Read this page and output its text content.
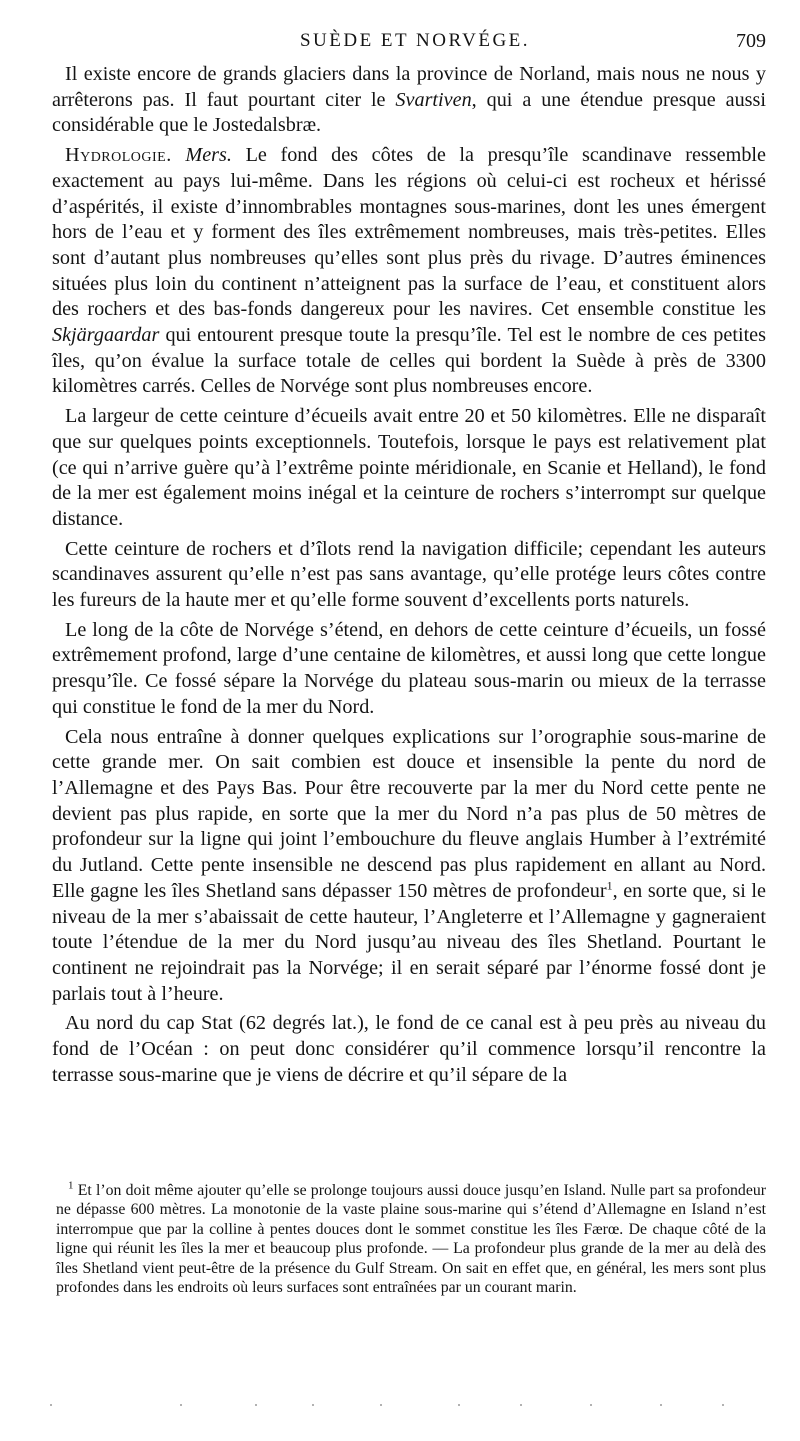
SUÈDE ET NORVÉGE.	709

Il existe encore de grands glaciers dans la province de Norland, mais nous ne nous y arrêterons pas. Il faut pourtant citer le Svartiven, qui a une étendue presque aussi considérable que le Jostedalsbræ.

Hydrologie. Mers. Le fond des côtes de la presqu’île scandinave ressemble exactement au pays lui-même. Dans les régions où celui-ci est rocheux et hérissé d’aspérités, il existe d’innombrables montagnes sous-marines, dont les unes émergent hors de l’eau et y forment des îles extrêmement nombreuses, mais très-petites. Elles sont d’autant plus nombreuses qu’elles sont plus près du rivage. D’autres éminences situées plus loin du continent n’atteignent pas la surface de l’eau, et constituent alors des rochers et des bas-fonds dangereux pour les navires. Cet ensemble constitue les Skjärgaardar qui entourent presque toute la presqu’île. Tel est le nombre de ces petites îles, qu’on évalue la surface totale de celles qui bordent la Suède à près de 3300 kilomètres carrés. Celles de Norvége sont plus nombreuses encore.

La largeur de cette ceinture d’écueils avait entre 20 et 50 kilomètres. Elle ne disparaît que sur quelques points exceptionnels. Toutefois, lorsque le pays est relativement plat (ce qui n’arrive guère qu’à l’extrême pointe méridionale, en Scanie et Helland), le fond de la mer est également moins inégal et la ceinture de rochers s’interrompt sur quelque distance.

Cette ceinture de rochers et d’îlots rend la navigation difficile; cependant les auteurs scandinaves assurent qu’elle n’est pas sans avantage, qu’elle protége leurs côtes contre les fureurs de la haute mer et qu’elle forme souvent d’excellents ports naturels.

Le long de la côte de Norvége s’étend, en dehors de cette ceinture d’écueils, un fossé extrêmement profond, large d’une centaine de kilomètres, et aussi long que cette longue presqu’île. Ce fossé sépare la Norvége du plateau sous-marin ou mieux de la terrasse qui constitue le fond de la mer du Nord.

Cela nous entraîne à donner quelques explications sur l’orographie sous-marine de cette grande mer. On sait combien est douce et insensible la pente du nord de l’Allemagne et des Pays Bas. Pour être recouverte par la mer du Nord cette pente ne devient pas plus rapide, en sorte que la mer du Nord n’a pas plus de 50 mètres de profondeur sur la ligne qui joint l’embouchure du fleuve anglais Humber à l’extrémité du Jutland. Cette pente insensible ne descend pas plus rapidement en allant au Nord. Elle gagne les îles Shetland sans dépasser 150 mètres de profondeur$^1$, en sorte que, si le niveau de la mer s’abaissait de cette hauteur, l’Angleterre et l’Allemagne y gagneraient toute l’étendue de la mer du Nord jusqu’au niveau des îles Shetland. Pourtant le continent ne rejoindrait pas la Norvége; il en serait séparé par l’énorme fossé dont je parlais tout à l’heure.

Au nord du cap Stat (62 degrés lat.), le fond de ce canal est à peu près au niveau du fond de l’Océan : on peut donc considérer qu’il commence lorsqu’il rencontre la terrasse sous-marine que je viens de décrire et qu’il sépare de la

$^1$ Et l’on doit même ajouter qu’elle se prolonge toujours aussi douce jusqu’en Island. Nulle part sa profondeur ne dépasse 600 mètres. La monotonie de la vaste plaine sous-marine qui s’étend d’Allemagne en Island n’est interrompue que par la colline à pentes douces dont le sommet constitue les îles Færœ. De chaque côté de la ligne qui réunit les îles la mer et beaucoup plus profonde. — La profondeur plus grande de la mer au delà des îles Shetland vient peut-être de la présence du Gulf Stream. On sait en effet que, en général, les mers sont plus profondes dans les endroits où leurs surfaces sont entraînées par un courant marin.
